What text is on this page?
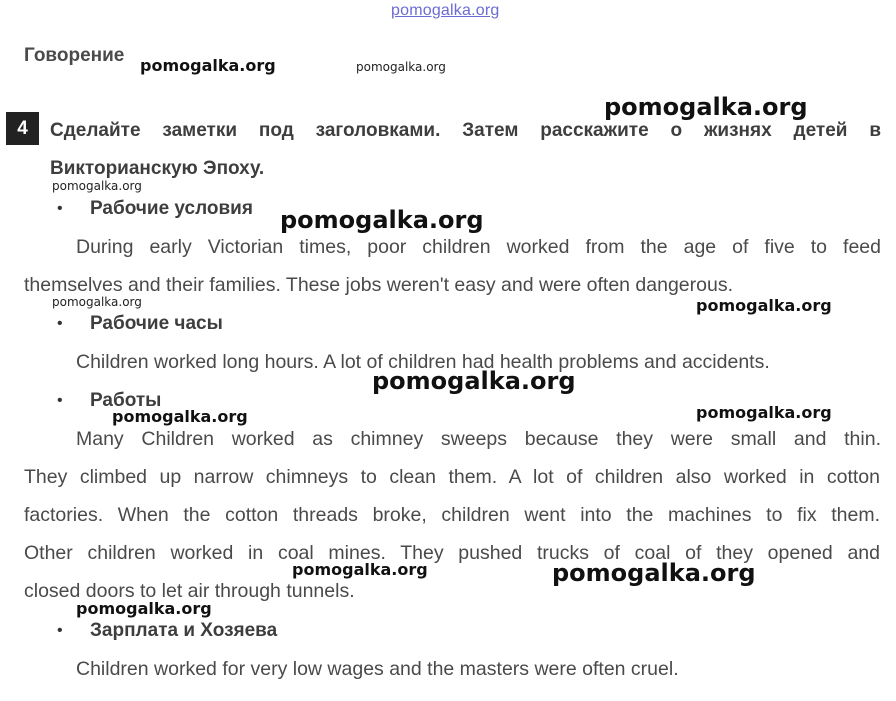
pomogalka.org
Говорение
4	Сделайте заметки под заголовками. Затем расскажите о жизнях детей в
Викторианскую Эпоху.
• Рабочие условия
During early Victorian times, poor children worked from the age of five to feed
themselves and their families. These jobs weren't easy and were often dangerous.
• Рабочие часы
Children worked long hours. A lot of children had health problems and accidents.
• Работы
Many Children worked as chimney sweeps because they were small and thin.
They climbed up narrow chimneys to clean them. A lot of children also worked in cotton
factories. When the cotton threads broke, children went into the machines to fix them.
Other children worked in coal mines. They pushed trucks of coal of they opened and
closed doors to let air through tunnels.
• Зарплата и Хозяева
Children worked for very low wages and the masters were often cruel.
pomogalka.org	pomogalka.org
pomogalka.org
pomogalka.org
pomogalka.org
pomogalka.org	pomogalka.org
pomogalka.org
pomogalka.org	pomogalka.org
pomogalka.org	pomogalka.org
pomogalka.org
